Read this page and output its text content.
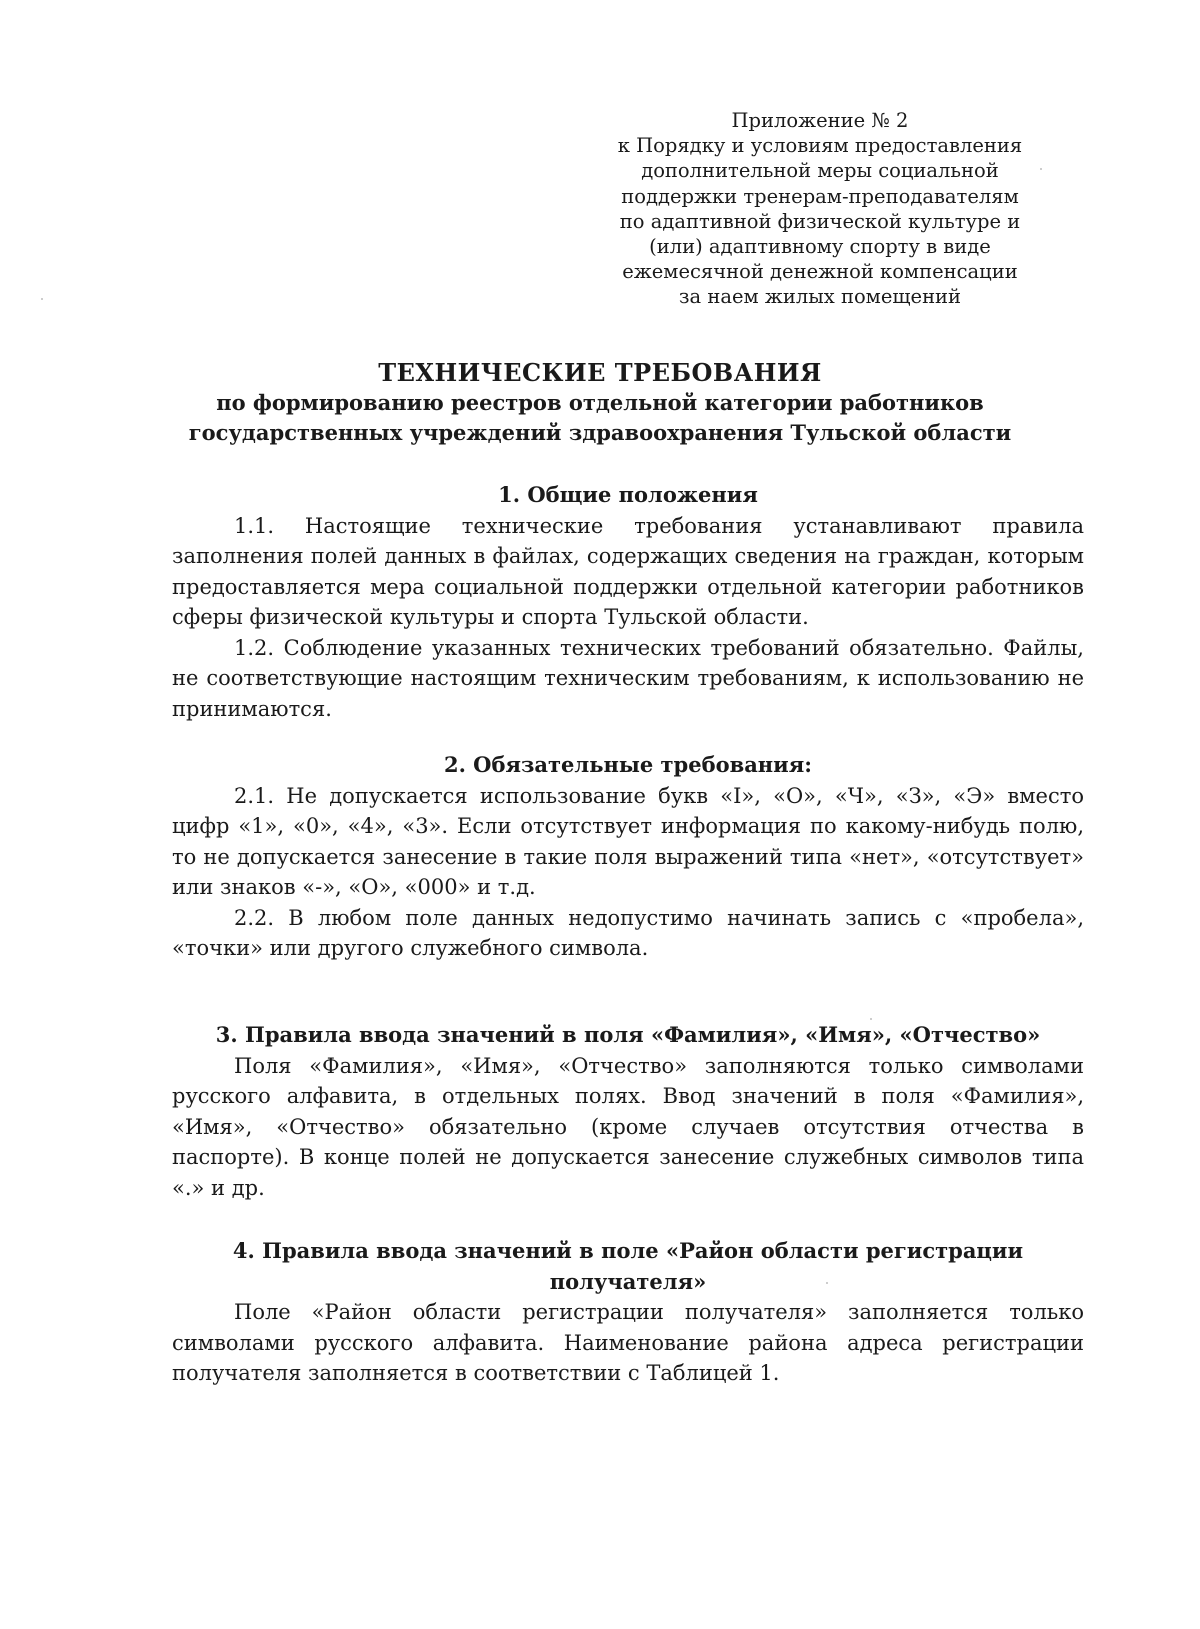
Приложение № 2
к Порядку и условиям предоставления
дополнительной меры социальной
поддержки тренерам-преподавателям
по адаптивной физической культуре и
(или) адаптивному спорту в виде
ежемесячной денежной компенсации
за наем жилых помещений
ТЕХНИЧЕСКИЕ ТРЕБОВАНИЯ
по формированию реестров отдельной категории работников
государственных учреждений здравоохранения Тульской области
1. Общие положения

1.1. Настоящие технические требования устанавливают правила заполнения полей данных в файлах, содержащих сведения на граждан, которым предоставляется мера социальной поддержки отдельной категории работников сферы физической культуры и спорта Тульской области.

1.2. Соблюдение указанных технических требований обязательно. Файлы, не соответствующие настоящим техническим требованиям, к использованию не принимаются.

2. Обязательные требования:

2.1. Не допускается использование букв «I», «О», «Ч», «З», «Э» вместо цифр «1», «0», «4», «3». Если отсутствует информация по какому-нибудь полю, то не допускается занесение в такие поля выражений типа «нет», «отсутствует» или знаков «-», «О», «000» и т.д.

2.2. В любом поле данных недопустимо начинать запись с «пробела», «точки» или другого служебного символа.

3. Правила ввода значений в поля «Фамилия», «Имя», «Отчество»

Поля «Фамилия», «Имя», «Отчество» заполняются только символами русского алфавита, в отдельных полях. Ввод значений в поля «Фамилия», «Имя», «Отчество» обязательно (кроме случаев отсутствия отчества в паспорте). В конце полей не допускается занесение служебных символов типа «.» и др.

4. Правила ввода значений в поле «Район области регистрации
получателя»

Поле «Район области регистрации получателя» заполняется только символами русского алфавита. Наименование района адреса регистрации получателя заполняется в соответствии с Таблицей 1.
